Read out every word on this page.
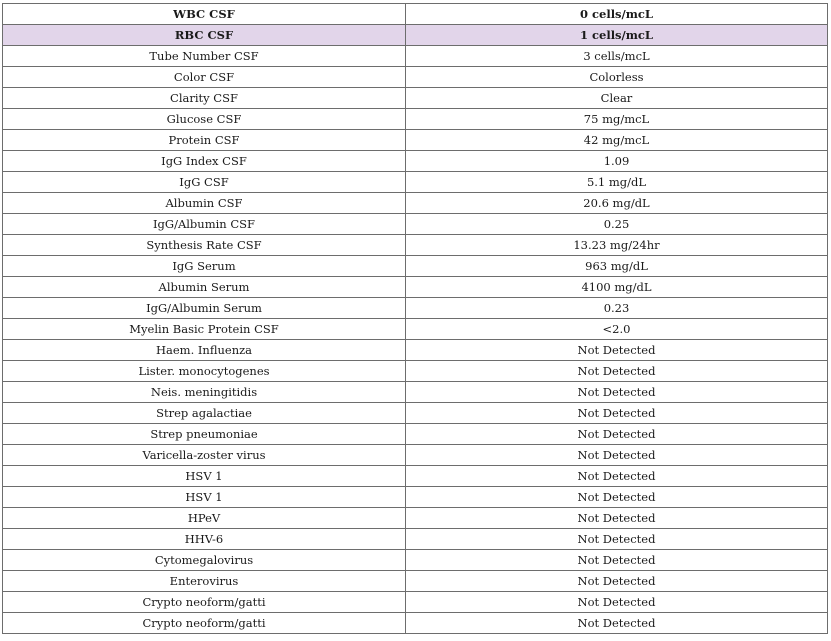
WBC CSF	0 cells/mcL
RBC CSF	1 cells/mcL
Tube Number CSF	3 cells/mcL
Color CSF	Colorless
Clarity CSF	Clear
Glucose CSF	75 mg/mcL
Protein CSF	42 mg/mcL
IgG Index CSF	1.09
IgG CSF	5.1 mg/dL
Albumin CSF	20.6 mg/dL
IgG/Albumin CSF	0.25
Synthesis Rate CSF	13.23 mg/24hr
IgG Serum	963 mg/dL
Albumin Serum	4100 mg/dL
IgG/Albumin Serum	0.23
Myelin Basic Protein CSF	<2.0
Haem. Influenza	Not Detected
Lister. monocytogenes	Not Detected
Neis. meningitidis	Not Detected
Strep agalactiae	Not Detected
Strep pneumoniae	Not Detected
Varicella-zoster virus	Not Detected
HSV 1	Not Detected
HSV 1	Not Detected
HPeV	Not Detected
HHV-6	Not Detected
Cytomegalovirus	Not Detected
Enterovirus	Not Detected
Crypto neoform/gatti	Not Detected
Crypto neoform/gatti	Not Detected
